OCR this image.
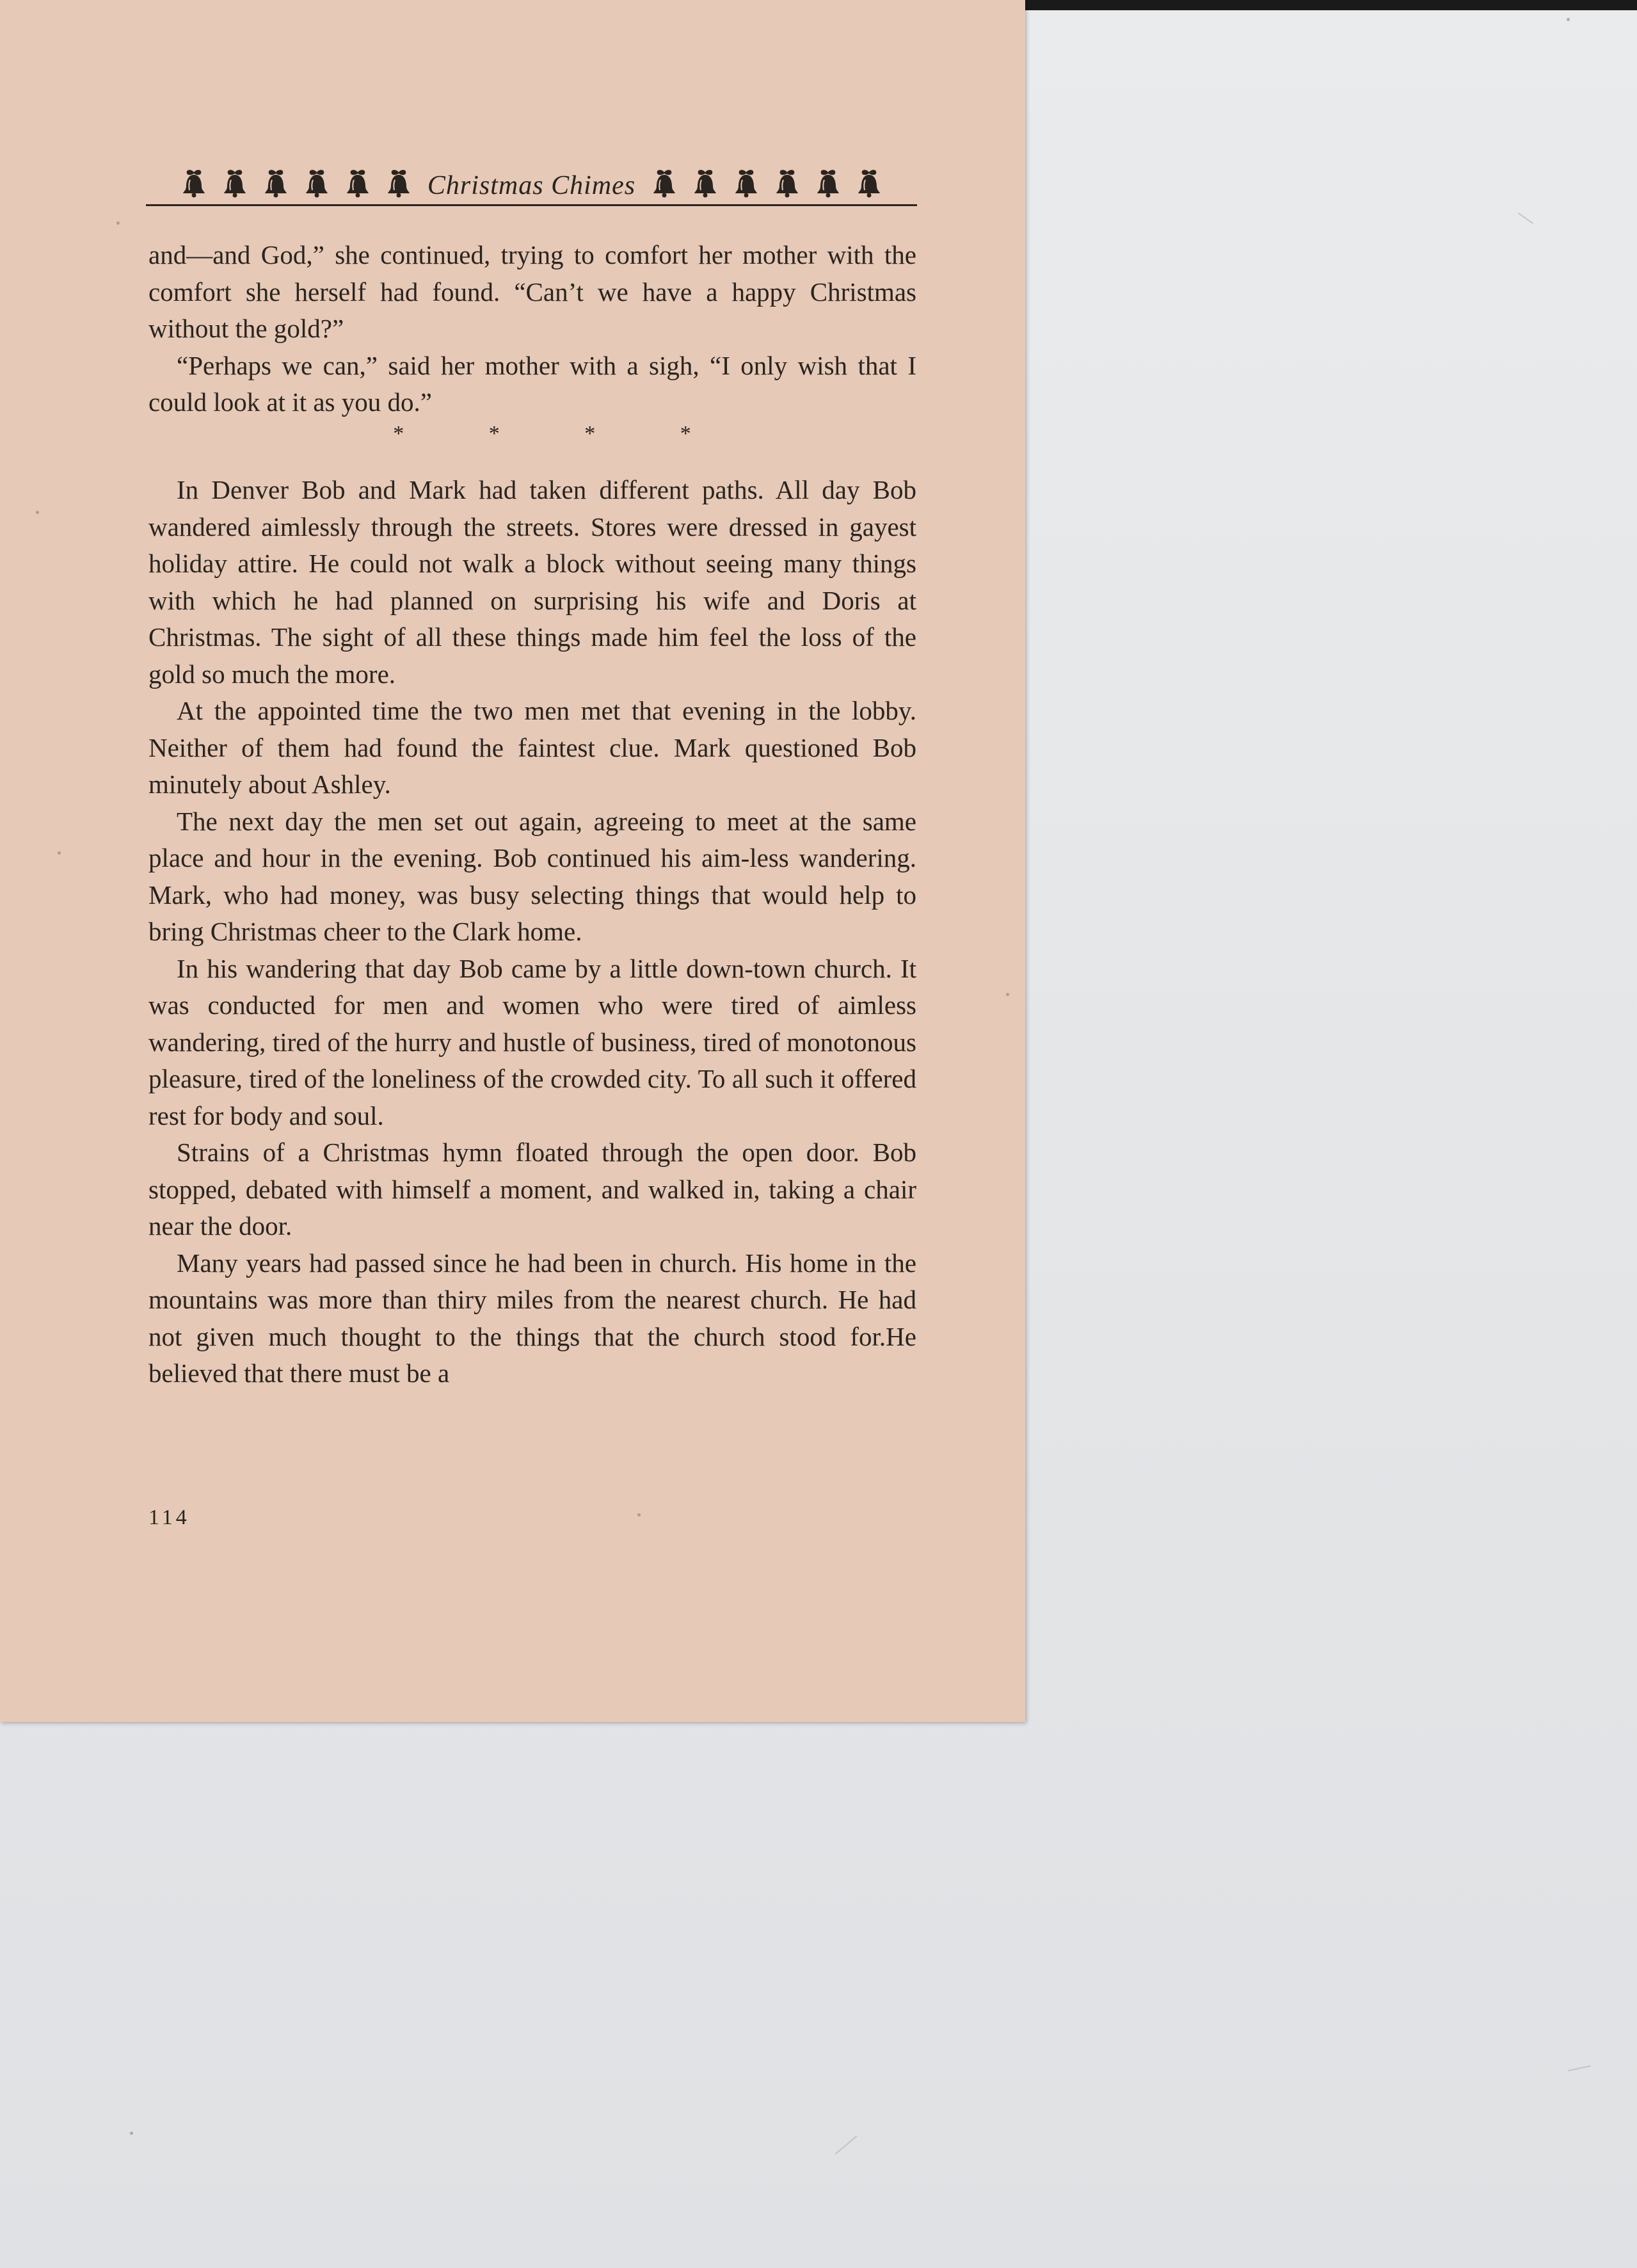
Christmas Chimes

and—and God,” she continued, trying to comfort her mother with the comfort she herself had found. “Can’t we have a happy Christmas without the gold?”

“Perhaps we can,” said her mother with a sigh, “I only wish that I could look at it as you do.”

* * * *

In Denver Bob and Mark had taken different paths. All day Bob wandered aimlessly through the streets. Stores were dressed in gayest holiday attire. He could not walk a block without seeing many things with which he had planned on surprising his wife and Doris at Christmas. The sight of all these things made him feel the loss of the gold so much the more.

At the appointed time the two men met that evening in the lobby. Neither of them had found the faintest clue. Mark questioned Bob minutely about Ashley.

The next day the men set out again, agreeing to meet at the same place and hour in the evening. Bob continued his aim-less wandering. Mark, who had money, was busy selecting things that would help to bring Christmas cheer to the Clark home.

In his wandering that day Bob came by a little down-town church. It was conducted for men and women who were tired of aimless wandering, tired of the hurry and hustle of business, tired of monotonous pleasure, tired of the loneliness of the crowded city. To all such it offered rest for body and soul.

Strains of a Christmas hymn floated through the open door. Bob stopped, debated with himself a moment, and walked in, taking a chair near the door.

Many years had passed since he had been in church. His home in the mountains was more than thiry miles from the nearest church. He had not given much thought to the things that the church stood for.He believed that there must be a

114
